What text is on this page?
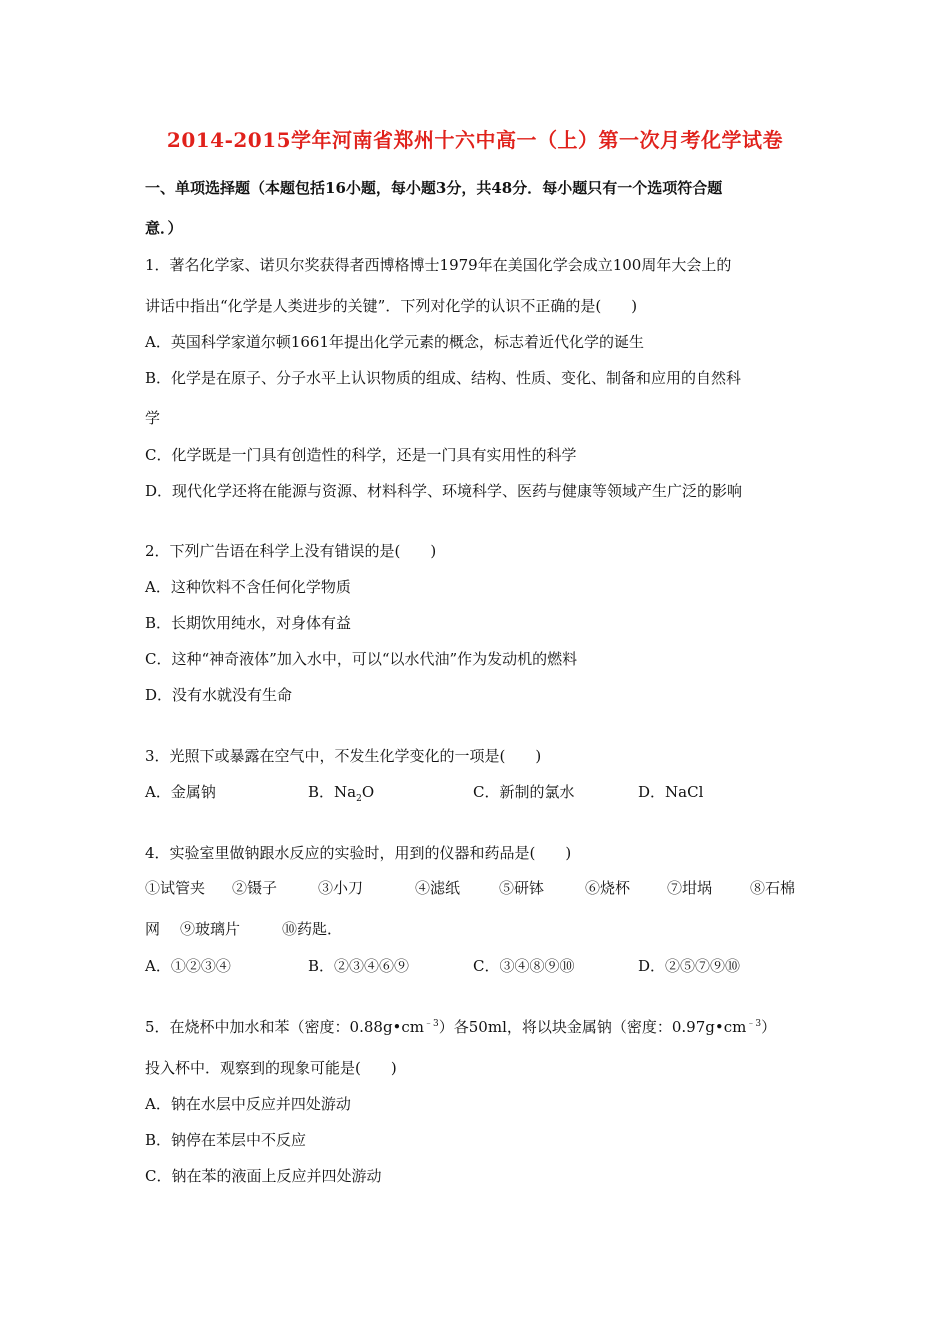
2014-2015学年河南省郑州十六中高一（上）第一次月考化学试卷
一、单项选择题（本题包括16小题，每小题3分，共48分．每小题只有一个选项符合题
意．）
1．著名化学家、诺贝尔奖获得者西博格博士1979年在美国化学会成立100周年大会上的
讲话中指出“化学是人类进步的关键”．下列对化学的认识不正确的是(　　)
A．英国科学家道尔顿1661年提出化学元素的概念，标志着近代化学的诞生
B．化学是在原子、分子水平上认识物质的组成、结构、性质、变化、制备和应用的自然科
学
C．化学既是一门具有创造性的科学，还是一门具有实用性的科学
D．现代化学还将在能源与资源、材料科学、环境科学、医药与健康等领域产生广泛的影响
2．下列广告语在科学上没有错误的是(　　)
A．这种饮料不含任何化学物质
B．长期饮用纯水，对身体有益
C．这种“神奇液体”加入水中，可以“以水代油”作为发动机的燃料
D．没有水就没有生命
3．光照下或暴露在空气中，不发生化学变化的一项是(　　)
A．金属钠	B．$Na_2O$	C．新制的氯水	D．NaCl
4．实验室里做钠跟水反应的实验时，用到的仪器和药品是(　　)
①试管夹 ②镊子	③小刀	④滤纸	⑤研钵	⑥烧杯 ⑦坩埚	⑧石棉
网 ⑨玻璃片	⑩药匙．
A．①②③④	B．②③④⑥⑨	C．③④⑧⑨⑩	D．②⑤⑦⑨⑩
5．在烧杯中加水和苯（密度：$0.88g•cm^{﹣3}$）各50ml，将以块金属钠（密度：$0.97g•cm^{﹣3}$）
投入杯中．观察到的现象可能是(　　)
A．钠在水层中反应并四处游动
B．钠停在苯层中不反应
C．钠在苯的液面上反应并四处游动
